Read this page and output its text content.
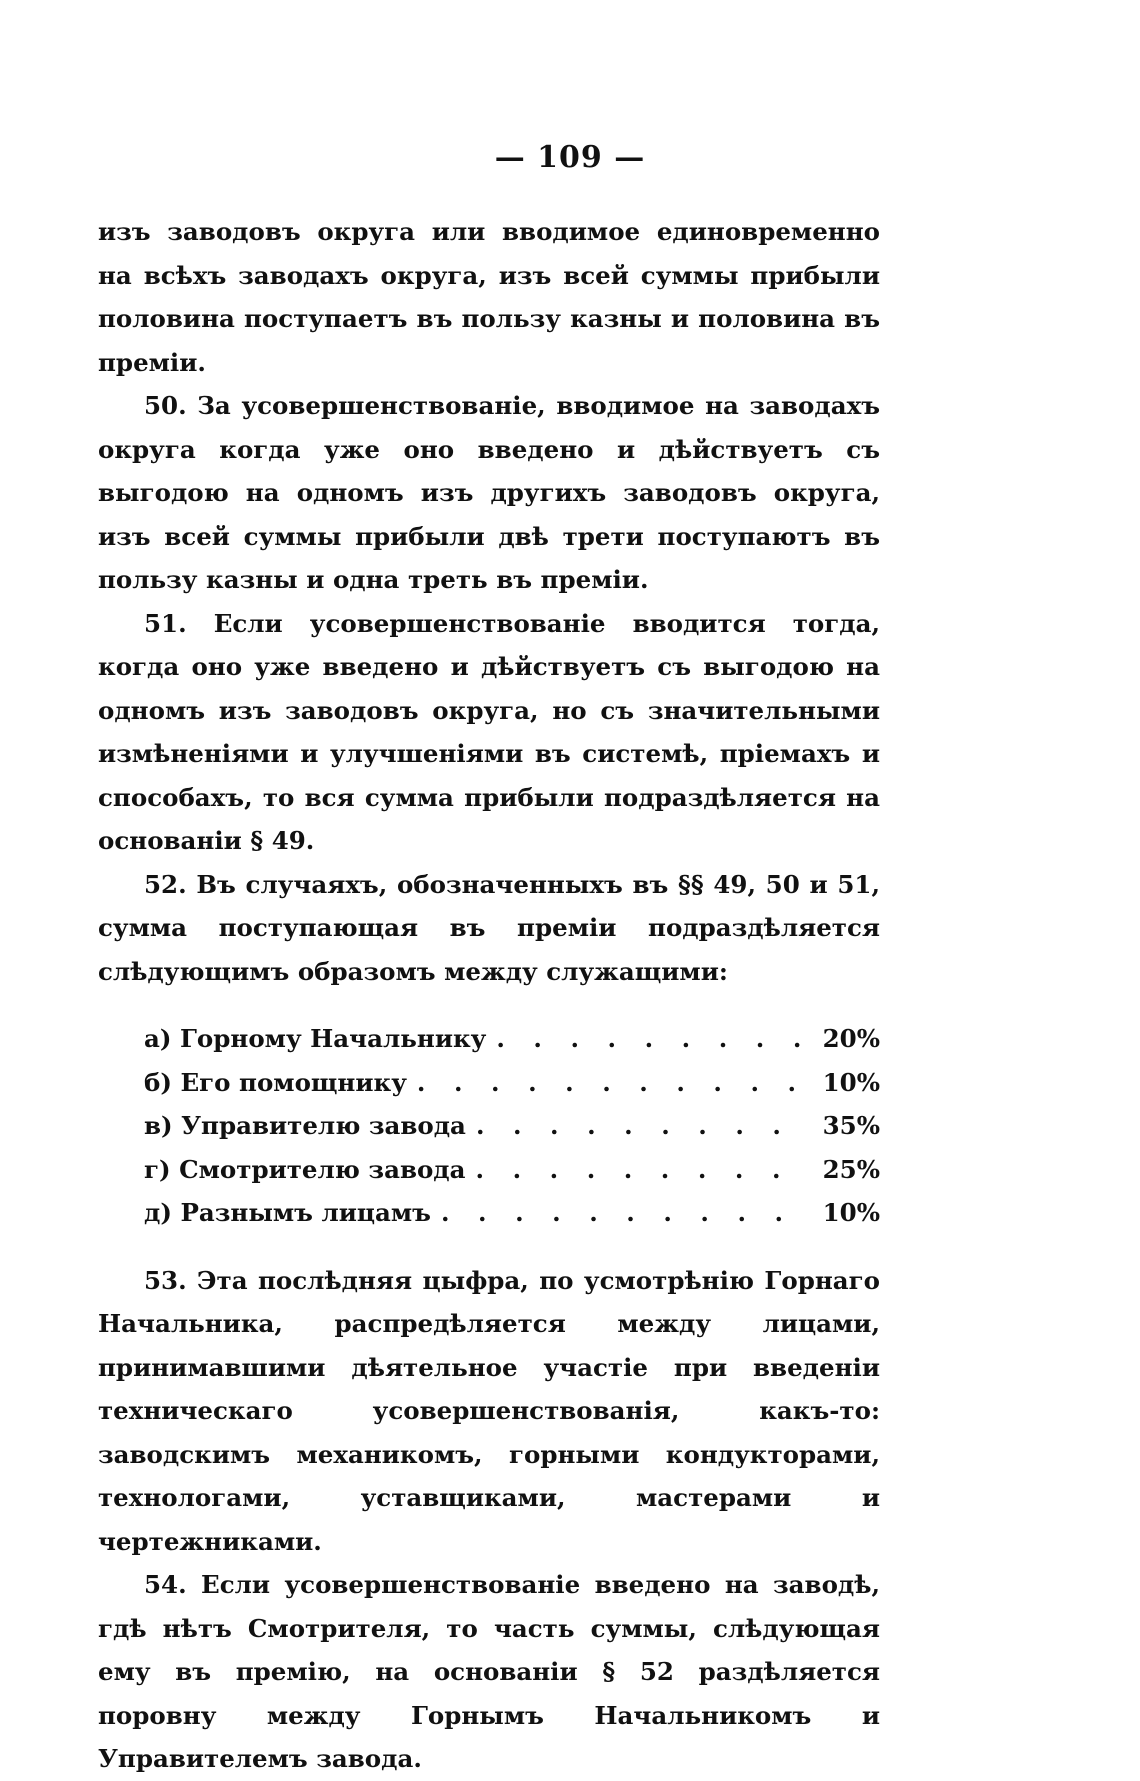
— 109 —

изъ заводовъ округа или вводимое единовременно на всѣхъ заводахъ округа, изъ всей суммы прибыли половина поступаетъ въ пользу казны и половина въ премiи.

50. За усовершенствованiе, вводимое на заводахъ округа когда уже оно введено и дѣйствуетъ съ выгодою на одномъ изъ другихъ заводовъ округа, изъ всей суммы прибыли двѣ трети поступаютъ въ пользу казны и одна треть въ премiи.

51. Если усовершенствованiе вводится тогда, когда оно уже введено и дѣйствуетъ съ выгодою на одномъ изъ заводовъ округа, но съ значительными измѣненiями и улучшенiями въ системѣ, прiемахъ и способахъ, то вся сумма прибыли подраздѣляется на основанiи § 49.

52. Въ случаяхъ, обозначенныхъ въ §§ 49, 50 и 51, сумма поступающая въ премiи подраздѣляется слѣдующимъ образомъ между служащими:

а) Горному Начальнику . . .	20%
б) Его помощнику . . .	10%
в) Управителю завода . . .	35%
г) Смотрителю завода . . .	25%
д) Разнымъ лицамъ . . .	10%

53. Эта послѣдняя цыфра, по усмотрѣнiю Горнаго Начальника, распредѣляется между лицами, принимавшими дѣятельное участiе при введенiи техническаго усовершенствованiя, какъ-то: заводскимъ механикомъ, горными кондукторами, технологами, уставщиками, мастерами и чертежниками.

54. Если усовершенствованiе введено на заводѣ, гдѣ нѣтъ Смотрителя, то часть суммы, слѣдующая ему въ премiю, на основанiи § 52 раздѣляется поровну между Горнымъ Начальникомъ и Управителемъ завода.
